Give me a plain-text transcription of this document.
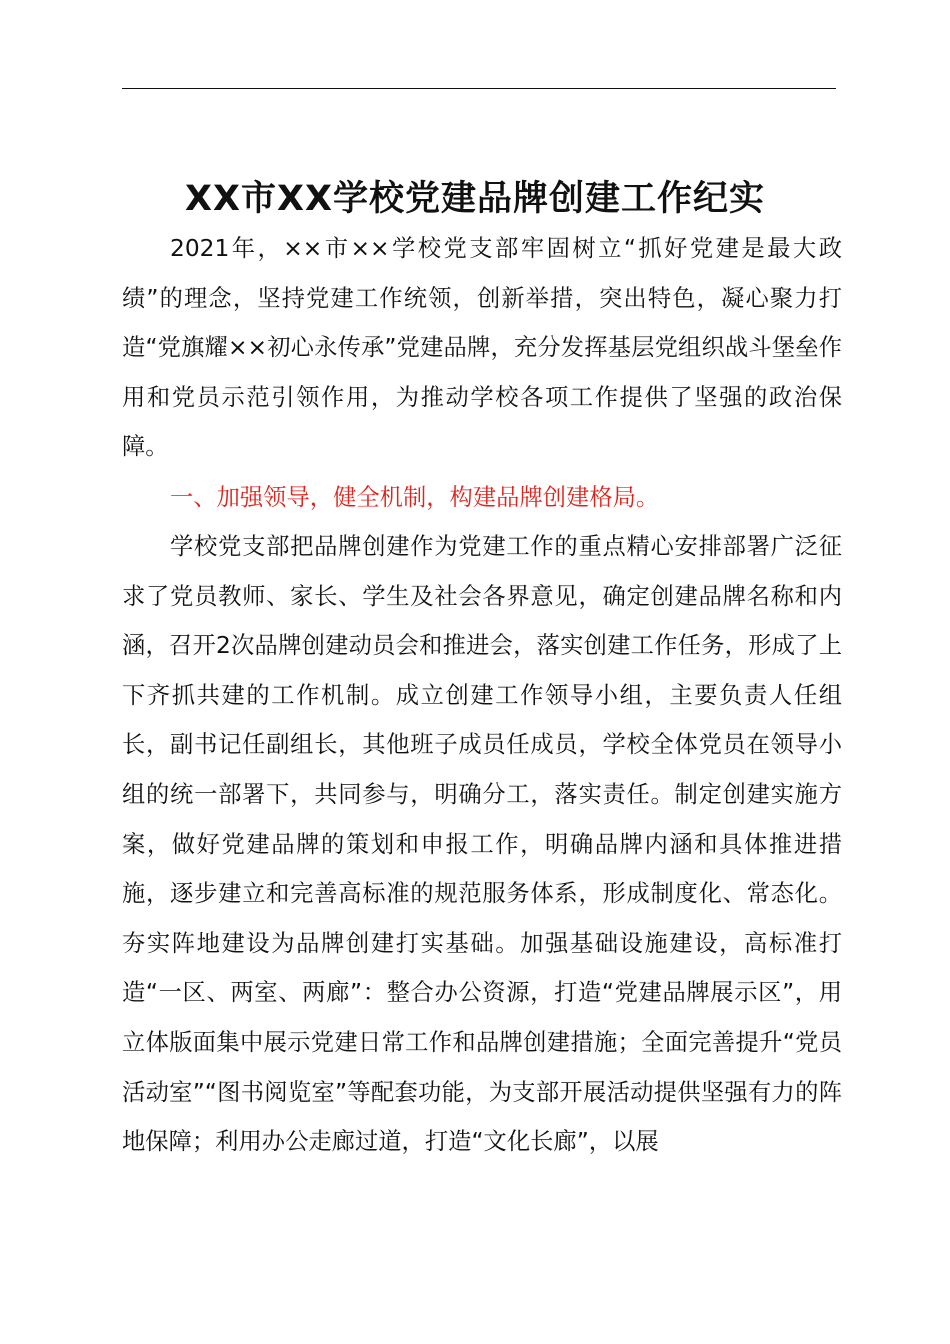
XX市XX学校党建品牌创建工作纪实

2021年，××市××学校党支部牢固树立“抓好党建是最大政绩”的理念，坚持党建工作统领，创新举措，突出特色，凝心聚力打造“党旗耀××初心永传承”党建品牌，充分发挥基层党组织战斗堡垒作用和党员示范引领作用，为推动学校各项工作提供了坚强的政治保障。

一、加强领导，健全机制，构建品牌创建格局。

学校党支部把品牌创建作为党建工作的重点精心安排部署广泛征求了党员教师、家长、学生及社会各界意见，确定创建品牌名称和内涵，召开2次品牌创建动员会和推进会，落实创建工作任务，形成了上下齐抓共建的工作机制。成立创建工作领导小组，主要负责人任组长，副书记任副组长，其他班子成员任成员，学校全体党员在领导小组的统一部署下，共同参与，明确分工，落实责任。制定创建实施方案，做好党建品牌的策划和申报工作，明确品牌内涵和具体推进措施，逐步建立和完善高标准的规范服务体系，形成制度化、常态化。夯实阵地建设为品牌创建打实基础。加强基础设施建设，高标准打造“一区、两室、两廊”：整合办公资源，打造“党建品牌展示区”，用立体版面集中展示党建日常工作和品牌创建措施；全面完善提升“党员活动室”“图书阅览室”等配套功能，为支部开展活动提供坚强有力的阵地保障；利用办公走廊过道，打造“文化长廊”，以展
